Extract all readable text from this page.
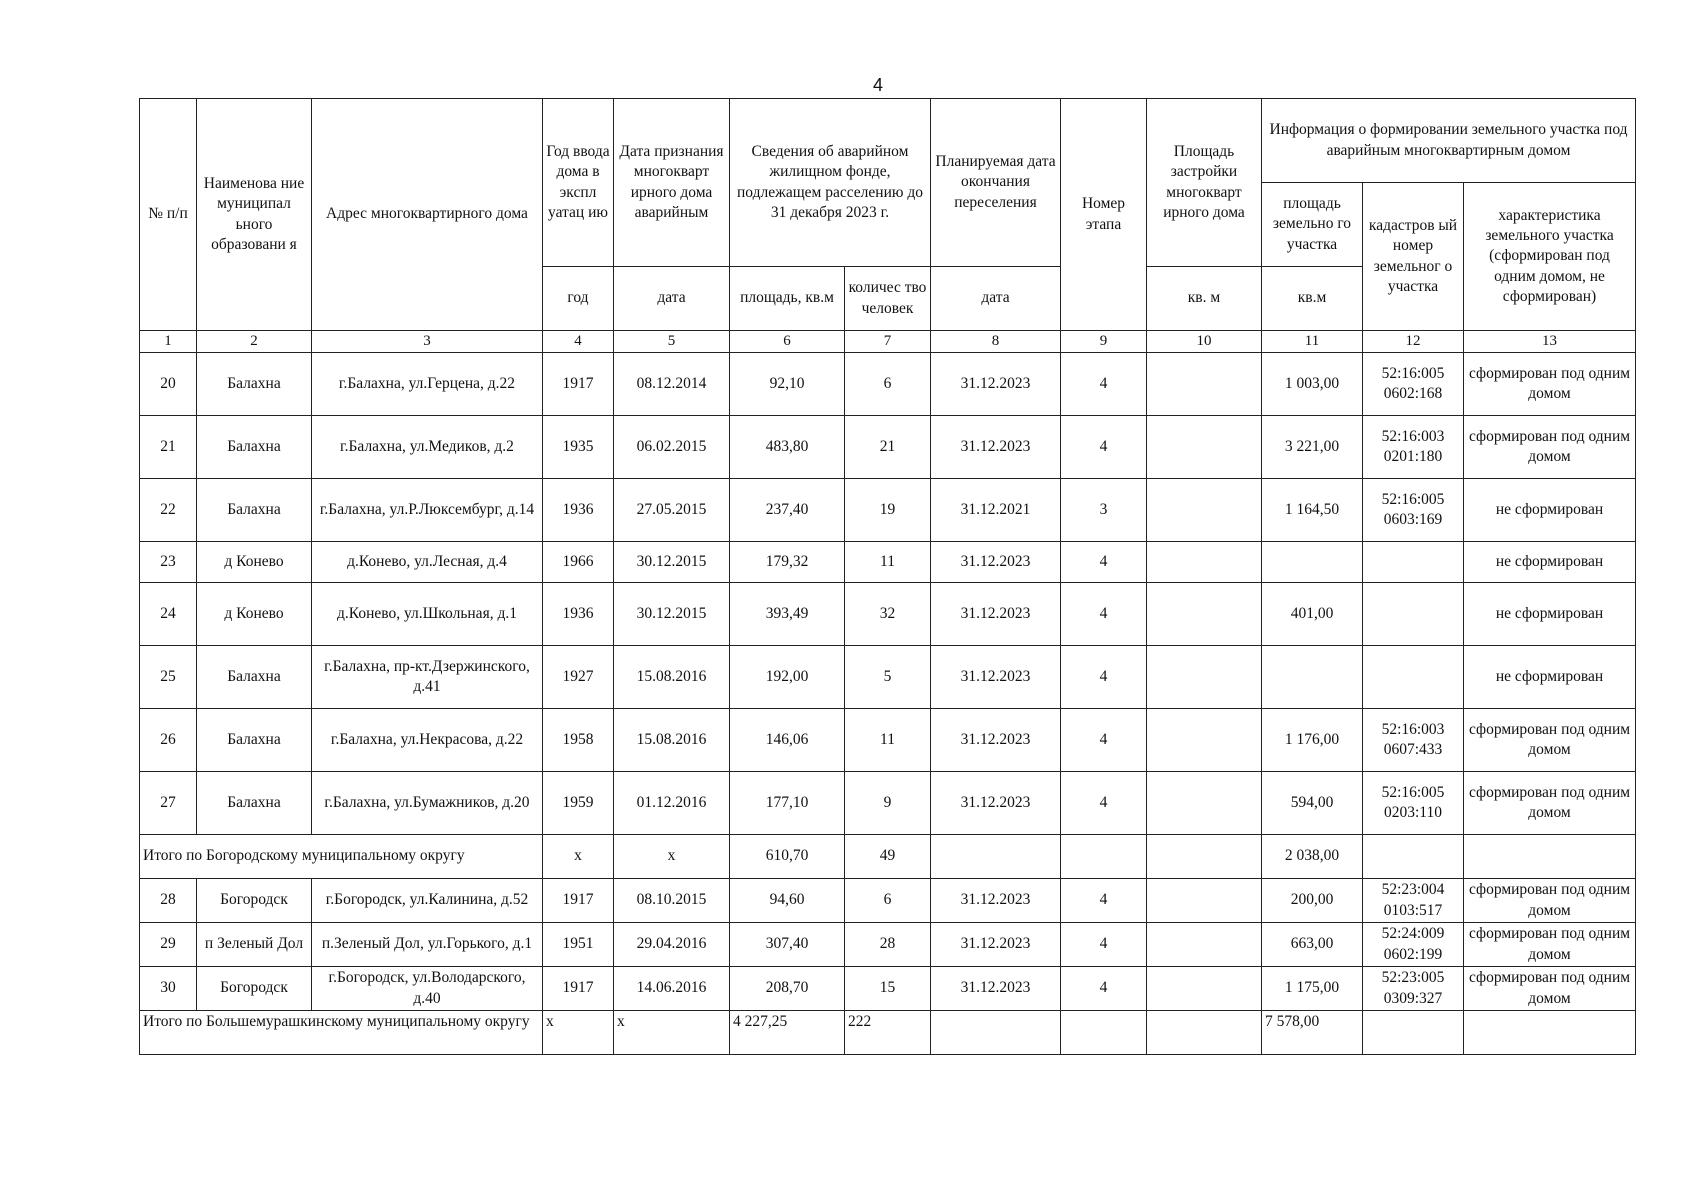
4
№ п/п	Наименова ние муниципал ьного образовани я	Адрес многоквартирного дома	Год ввода дома в экспл уатац ию	Дата признания многокварт ирного дома аварийным	Сведения об аварийном жилищном фонде, подлежащем расселению до 31 декабря 2023 г.		Планируемая дата окончания переселения	Номер этапа	Площадь застройки многокварт ирного дома	Информация о формировании земельного участка под аварийным многоквартирным домом		
										площадь земельно го участка	кадастров ый номер земельног о участка	характеристика земельного участка (сформирован под одним домом, не сформирован)
			год	дата	площадь, кв.м	количес тво человек	дата		кв. м	кв.м		
1	2	3	4	5	6	7	8	9	10	11	12	13
20	Балахна	г.Балахна, ул.Герцена, д.22	1917	08.12.2014	92,10	6	31.12.2023	4		1 003,00	52:16:005 0602:168	сформирован под одним домом
21	Балахна	г.Балахна, ул.Медиков, д.2	1935	06.02.2015	483,80	21	31.12.2023	4		3 221,00	52:16:003 0201:180	сформирован под одним домом
22	Балахна	г.Балахна, ул.Р.Люксембург, д.14	1936	27.05.2015	237,40	19	31.12.2021	3		1 164,50	52:16:005 0603:169	не сформирован
23	д Конево	д.Конево, ул.Лесная, д.4	1966	30.12.2015	179,32	11	31.12.2023	4				не сформирован
24	д Конево	д.Конево, ул.Школьная, д.1	1936	30.12.2015	393,49	32	31.12.2023	4		401,00		не сформирован
25	Балахна	г.Балахна, пр-кт.Дзержинского, д.41	1927	15.08.2016	192,00	5	31.12.2023	4				не сформирован
26	Балахна	г.Балахна, ул.Некрасова, д.22	1958	15.08.2016	146,06	11	31.12.2023	4		1 176,00	52:16:003 0607:433	сформирован под одним домом
27	Балахна	г.Балахна, ул.Бумажников, д.20	1959	01.12.2016	177,10	9	31.12.2023	4		594,00	52:16:005 0203:110	сформирован под одним домом
Итого по Богородскому муниципальному округу			х	х	610,70	49				2 038,00		
28	Богородск	г.Богородск, ул.Калинина, д.52	1917	08.10.2015	94,60	6	31.12.2023	4		200,00	52:23:004 0103:517	сформирован под одним домом
29	п Зеленый Дол	п.Зеленый Дол, ул.Горького, д.1	1951	29.04.2016	307,40	28	31.12.2023	4		663,00	52:24:009 0602:199	сформирован под одним домом
30	Богородск	г.Богородск, ул.Володарского, д.40	1917	14.06.2016	208,70	15	31.12.2023	4		1 175,00	52:23:005 0309:327	сформирован под одним домом
Итого по Большемурашкинскому муниципальному округу			х	х	4 227,25	222				7 578,00		
